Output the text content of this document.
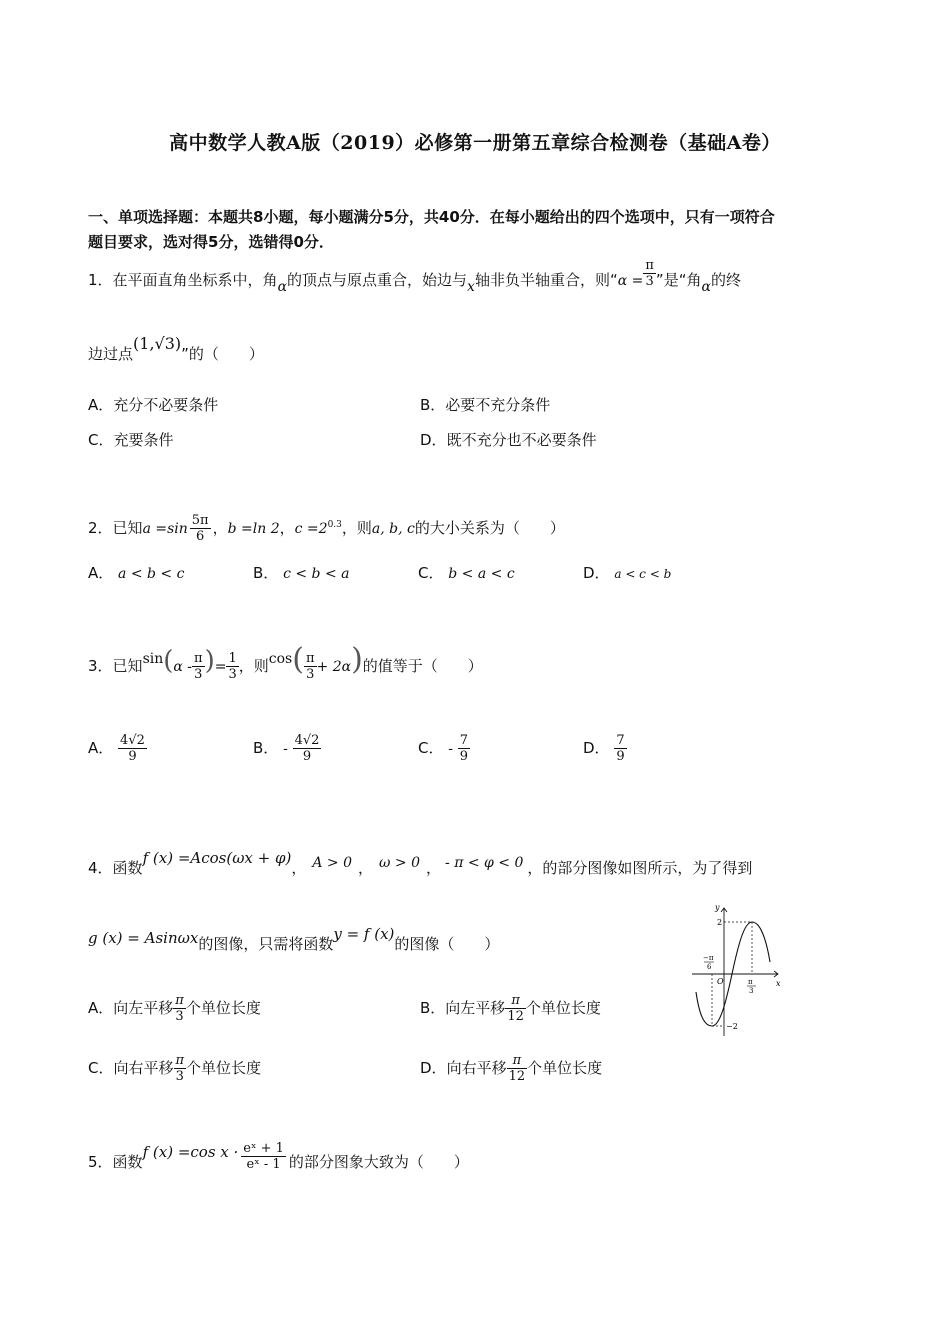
高中数学人教A版（2019）必修第一册第五章综合检测卷（基础A卷）
一、单项选择题：本题共8小题，每小题满分5分，共40分．在每小题给出的四个选项中，只有一项符合
题目要求，选对得5分，选错得0分．
1．在平面直角坐标系中，角α的顶点与原点重合，始边与x轴非负半轴重合，则“$\alpha = \frac{\pi}{3}$ ”是“角α的终
边过点(1,√3)”的（　　）
A．充分不必要条件	B．必要不充分条件
C．充要条件	D．既不充分也不必要条件
2．已知$a =\sin \frac{5\pi}{6}$ ，b =ln 2，$c =2^{0.3}$，则a, b, c的大小关系为（　　）
A． a < b < c	B． c < b < a	C． b < a < c	D． a < c < b
3．已知$\sin(\alpha - \frac{\pi}{3}$ )= $\frac{1}{3}$ ，则$\cos( \frac{\pi}{3} + 2\alpha)$的值等于（　　）
A． $\frac{4√2}{9}$	B． - $\frac{4√2}{9}$	C． - $\frac{7}{9}$	D． $\frac{7}{9}$
4．函数f (x) =Acos(ωx + φ)， A > 0 ， ω > 0 ， - π < φ < 0 ，的部分图像如图所示，为了得到
g (x) = Asinωx的图像，只需将函数y = f (x)的图像（　　）
A．向左平移 $\frac{\pi}{3}$ 个单位长度	B．向左平移 $\frac{\pi}{12}$ 个单位长度
C．向右平移 $\frac{\pi}{3}$ 个单位长度	D．向右平移 $\frac{\pi}{12}$ 个单位长度
y
x
O
2
−2
−π
6
π
3
5．函数f (x) =cos $x \cdot \frac{\text{eˣ + 1}}{\text{eˣ - 1}}$ 的部分图象大致为（　　）
